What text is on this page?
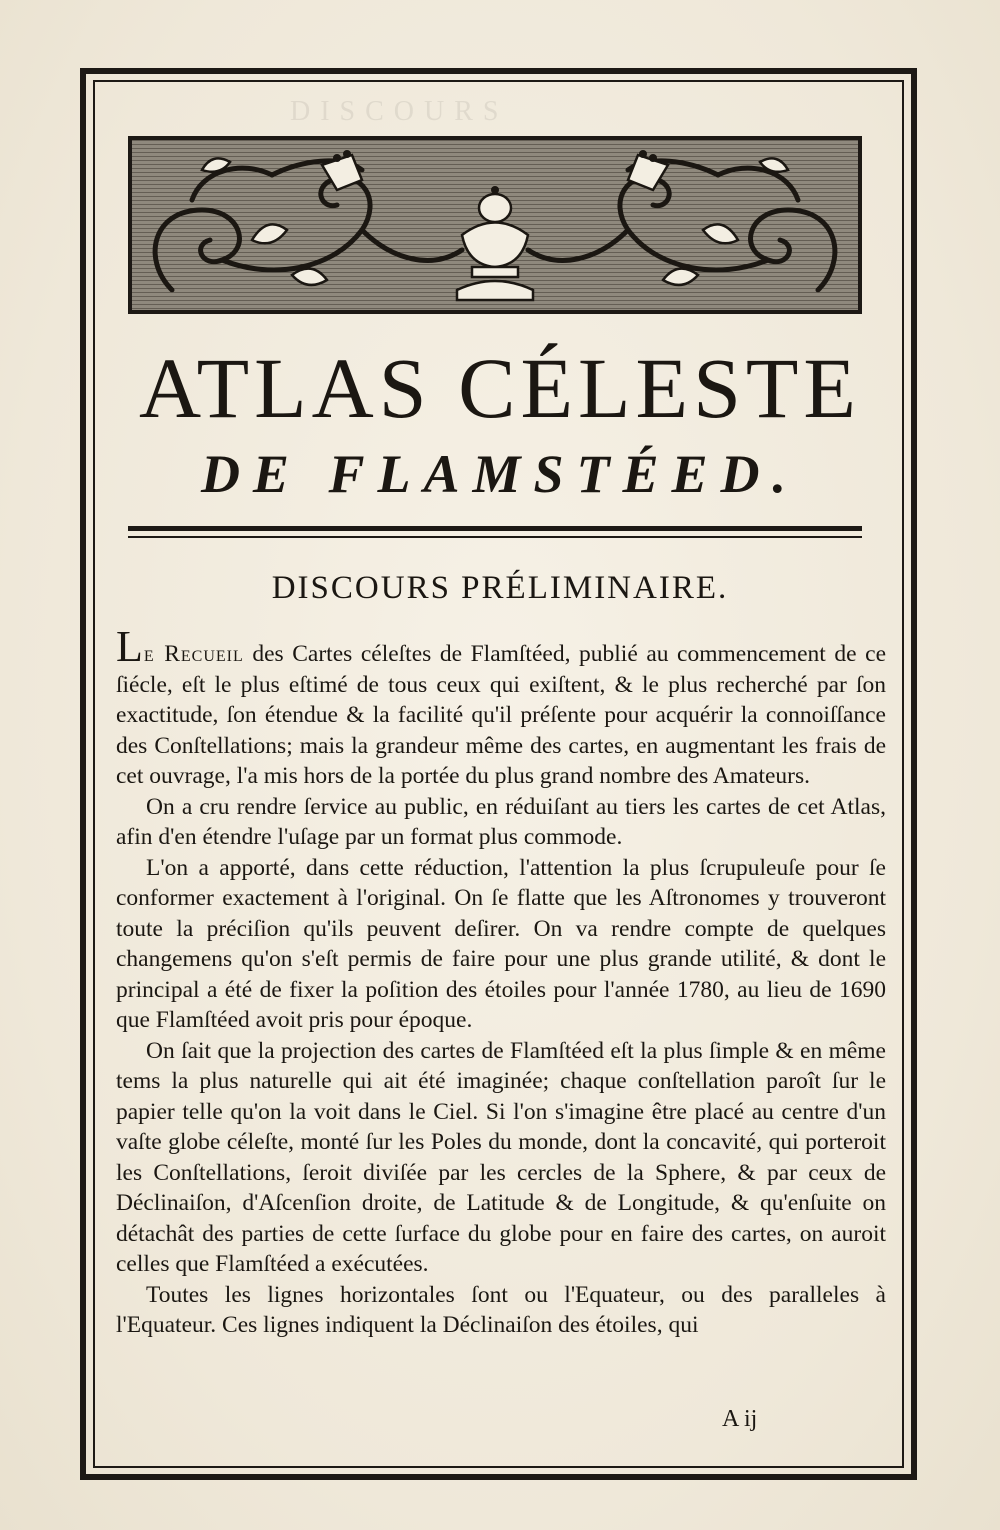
DISCOURS
ATLAS CÉLESTE
DE FLAMSTÉED.
DISCOURS PRÉLIMINAIRE.

Le Recueil des Cartes céleſtes de Flamſtéed, publié au commencement de ce ſiécle, eſt le plus eſtimé de tous ceux qui exiſtent, & le plus recherché par ſon exactitude, ſon étendue & la facilité qu'il préſente pour acquérir la connoiſſance des Conſtellations; mais la grandeur même des cartes, en augmentant les frais de cet ouvrage, l'a mis hors de la portée du plus grand nombre des Amateurs.

On a cru rendre ſervice au public, en réduiſant au tiers les cartes de cet Atlas, afin d'en étendre l'uſage par un format plus commode.

L'on a apporté, dans cette réduction, l'attention la plus ſcrupuleuſe pour ſe conformer exactement à l'original. On ſe flatte que les Aſtronomes y trouveront toute la préciſion qu'ils peuvent deſirer. On va rendre compte de quelques changemens qu'on s'eſt permis de faire pour une plus grande utilité, & dont le principal a été de fixer la poſition des étoiles pour l'année 1780, au lieu de 1690 que Flamſtéed avoit pris pour époque.

On ſait que la projection des cartes de Flamſtéed eſt la plus ſimple & en même tems la plus naturelle qui ait été imaginée; chaque conſtellation paroît ſur le papier telle qu'on la voit dans le Ciel. Si l'on s'imagine être placé au centre d'un vaſte globe céleſte, monté ſur les Poles du monde, dont la concavité, qui porteroit les Conſtellations, ſeroit diviſée par les cercles de la Sphere, & par ceux de Déclinaiſon, d'Aſcenſion droite, de Latitude & de Longitude, & qu'enſuite on détachât des parties de cette ſurface du globe pour en faire des cartes, on auroit celles que Flamſtéed a exécutées.

Toutes les lignes horizontales ſont ou l'Equateur, ou des paralleles à l'Equateur. Ces lignes indiquent la Déclinaiſon des étoiles, qui

A ij
